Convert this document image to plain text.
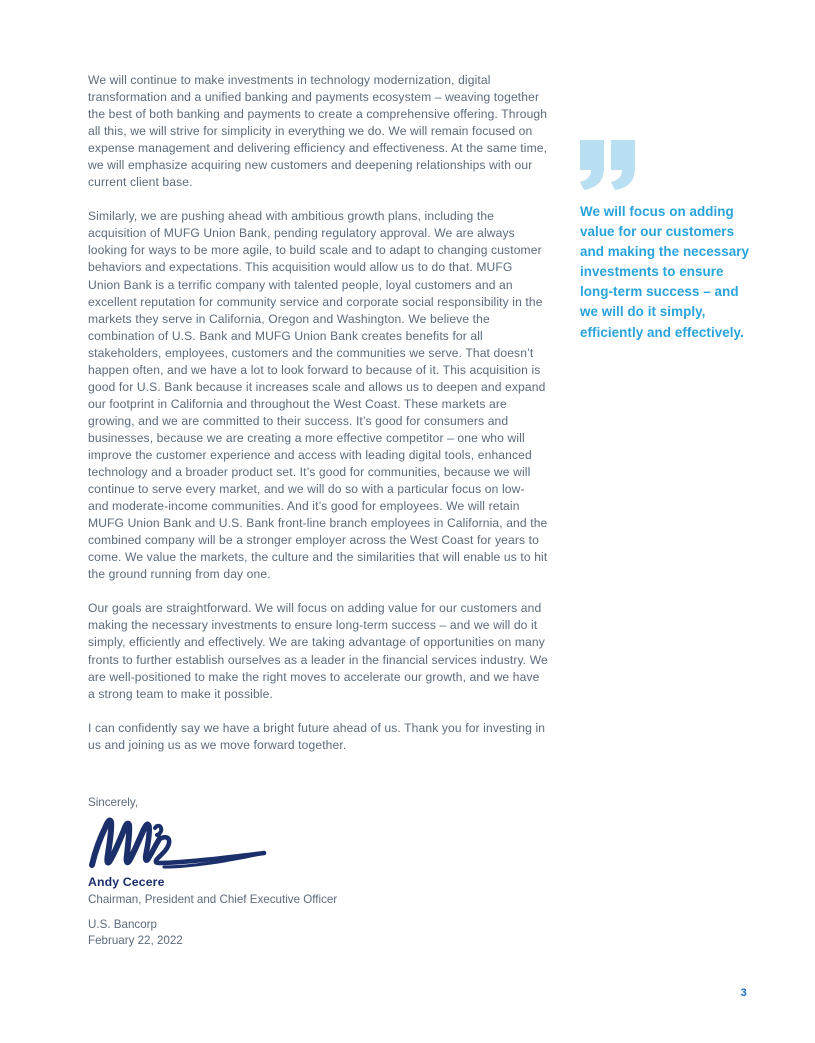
We will continue to make investments in technology modernization, digital transformation and a unified banking and payments ecosystem – weaving together the best of both banking and payments to create a comprehensive offering. Through all this, we will strive for simplicity in everything we do. We will remain focused on expense management and delivering efficiency and effectiveness. At the same time, we will emphasize acquiring new customers and deepening relationships with our current client base.

Similarly, we are pushing ahead with ambitious growth plans, including the acquisition of MUFG Union Bank, pending regulatory approval. We are always looking for ways to be more agile, to build scale and to adapt to changing customer behaviors and expectations. This acquisition would allow us to do that. MUFG Union Bank is a terrific company with talented people, loyal customers and an excellent reputation for community service and corporate social responsibility in the markets they serve in California, Oregon and Washington. We believe the combination of U.S. Bank and MUFG Union Bank creates benefits for all stakeholders, employees, customers and the communities we serve. That doesn’t happen often, and we have a lot to look forward to because of it. This acquisition is good for U.S. Bank because it increases scale and allows us to deepen and expand our footprint in California and throughout the West Coast. These markets are growing, and we are committed to their success. It’s good for consumers and businesses, because we are creating a more effective competitor – one who will improve the customer experience and access with leading digital tools, enhanced technology and a broader product set. It’s good for communities, because we will continue to serve every market, and we will do so with a particular focus on low- and moderate-income communities. And it’s good for employees. We will retain MUFG Union Bank and U.S. Bank front-line branch employees in California, and the combined company will be a stronger employer across the West Coast for years to come. We value the markets, the culture and the similarities that will enable us to hit the ground running from day one.

Our goals are straightforward. We will focus on adding value for our customers and making the necessary investments to ensure long-term success – and we will do it simply, efficiently and effectively. We are taking advantage of opportunities on many fronts to further establish ourselves as a leader in the financial services industry. We are well-positioned to make the right moves to accelerate our growth, and we have a strong team to make it possible.

I can confidently say we have a bright future ahead of us. Thank you for investing in us and joining us as we move forward together.

Sincerely,

Andy Cecere

Chairman, President and Chief Executive Officer

U.S. Bancorp

February 22, 2022

We will focus on adding value for our customers and making the necessary investments to ensure long-term success – and we will do it simply, efficiently and effectively.

3
